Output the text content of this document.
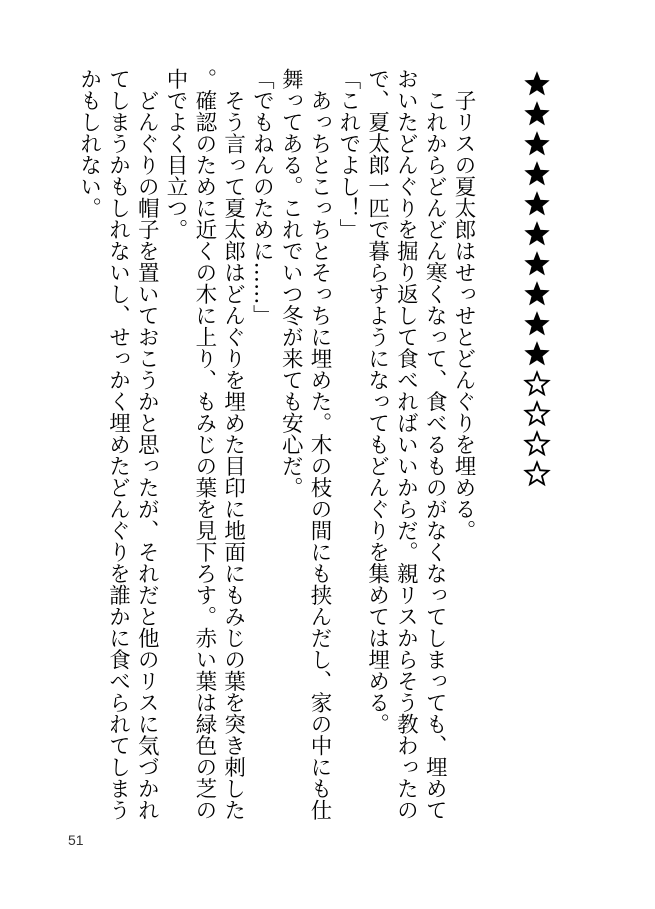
　子リスの夏太郎はせっせとどんぐりを埋める。

　これからどんどん寒くなって、食べるものがなくなってしまっても、埋めておいたどんぐりを掘り返して食べればいいからだ。親リスからそう教わったので、夏太郎一匹で暮らすようになってもどんぐりを集めては埋める。

「これでよし！」

　あっちとこっちとそっちに埋めた。木の枝の間にも挟んだし、家の中にも仕舞ってある。これでいつ冬が来ても安心だ。

「でもねんのために……」

　そう言って夏太郎はどんぐりを埋めた目印に地面にもみじの葉を突き刺した。確認のために近くの木に上り、もみじの葉を見下ろす。赤い葉は緑色の芝の中でよく目立つ。

　どんぐりの帽子を置いておこうかと思ったが、それだと他のリスに気づかれてしまうかもしれないし、せっかく埋めたどんぐりを誰かに食べられてしまうかもしれない。

51
